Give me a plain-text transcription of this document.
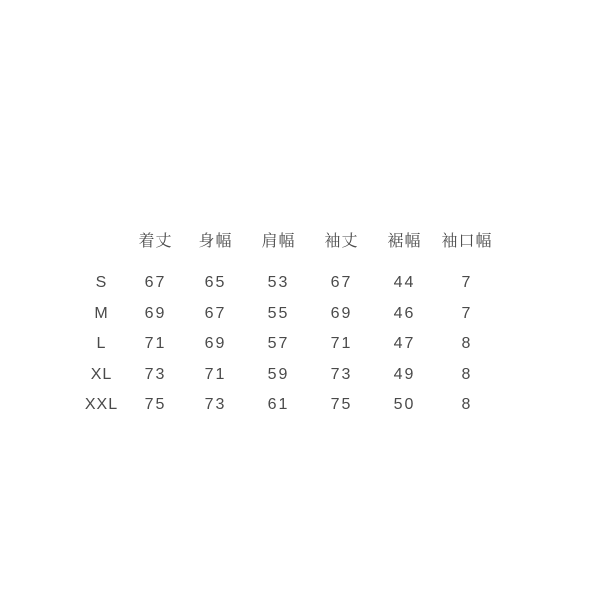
	着丈	身幅	肩幅	袖丈	裾幅	袖口幅
S	67	65	53	67	44	7
M	69	67	55	69	46	7
L	71	69	57	71	47	8
XL	73	71	59	73	49	8
XXL	75	73	61	75	50	8
